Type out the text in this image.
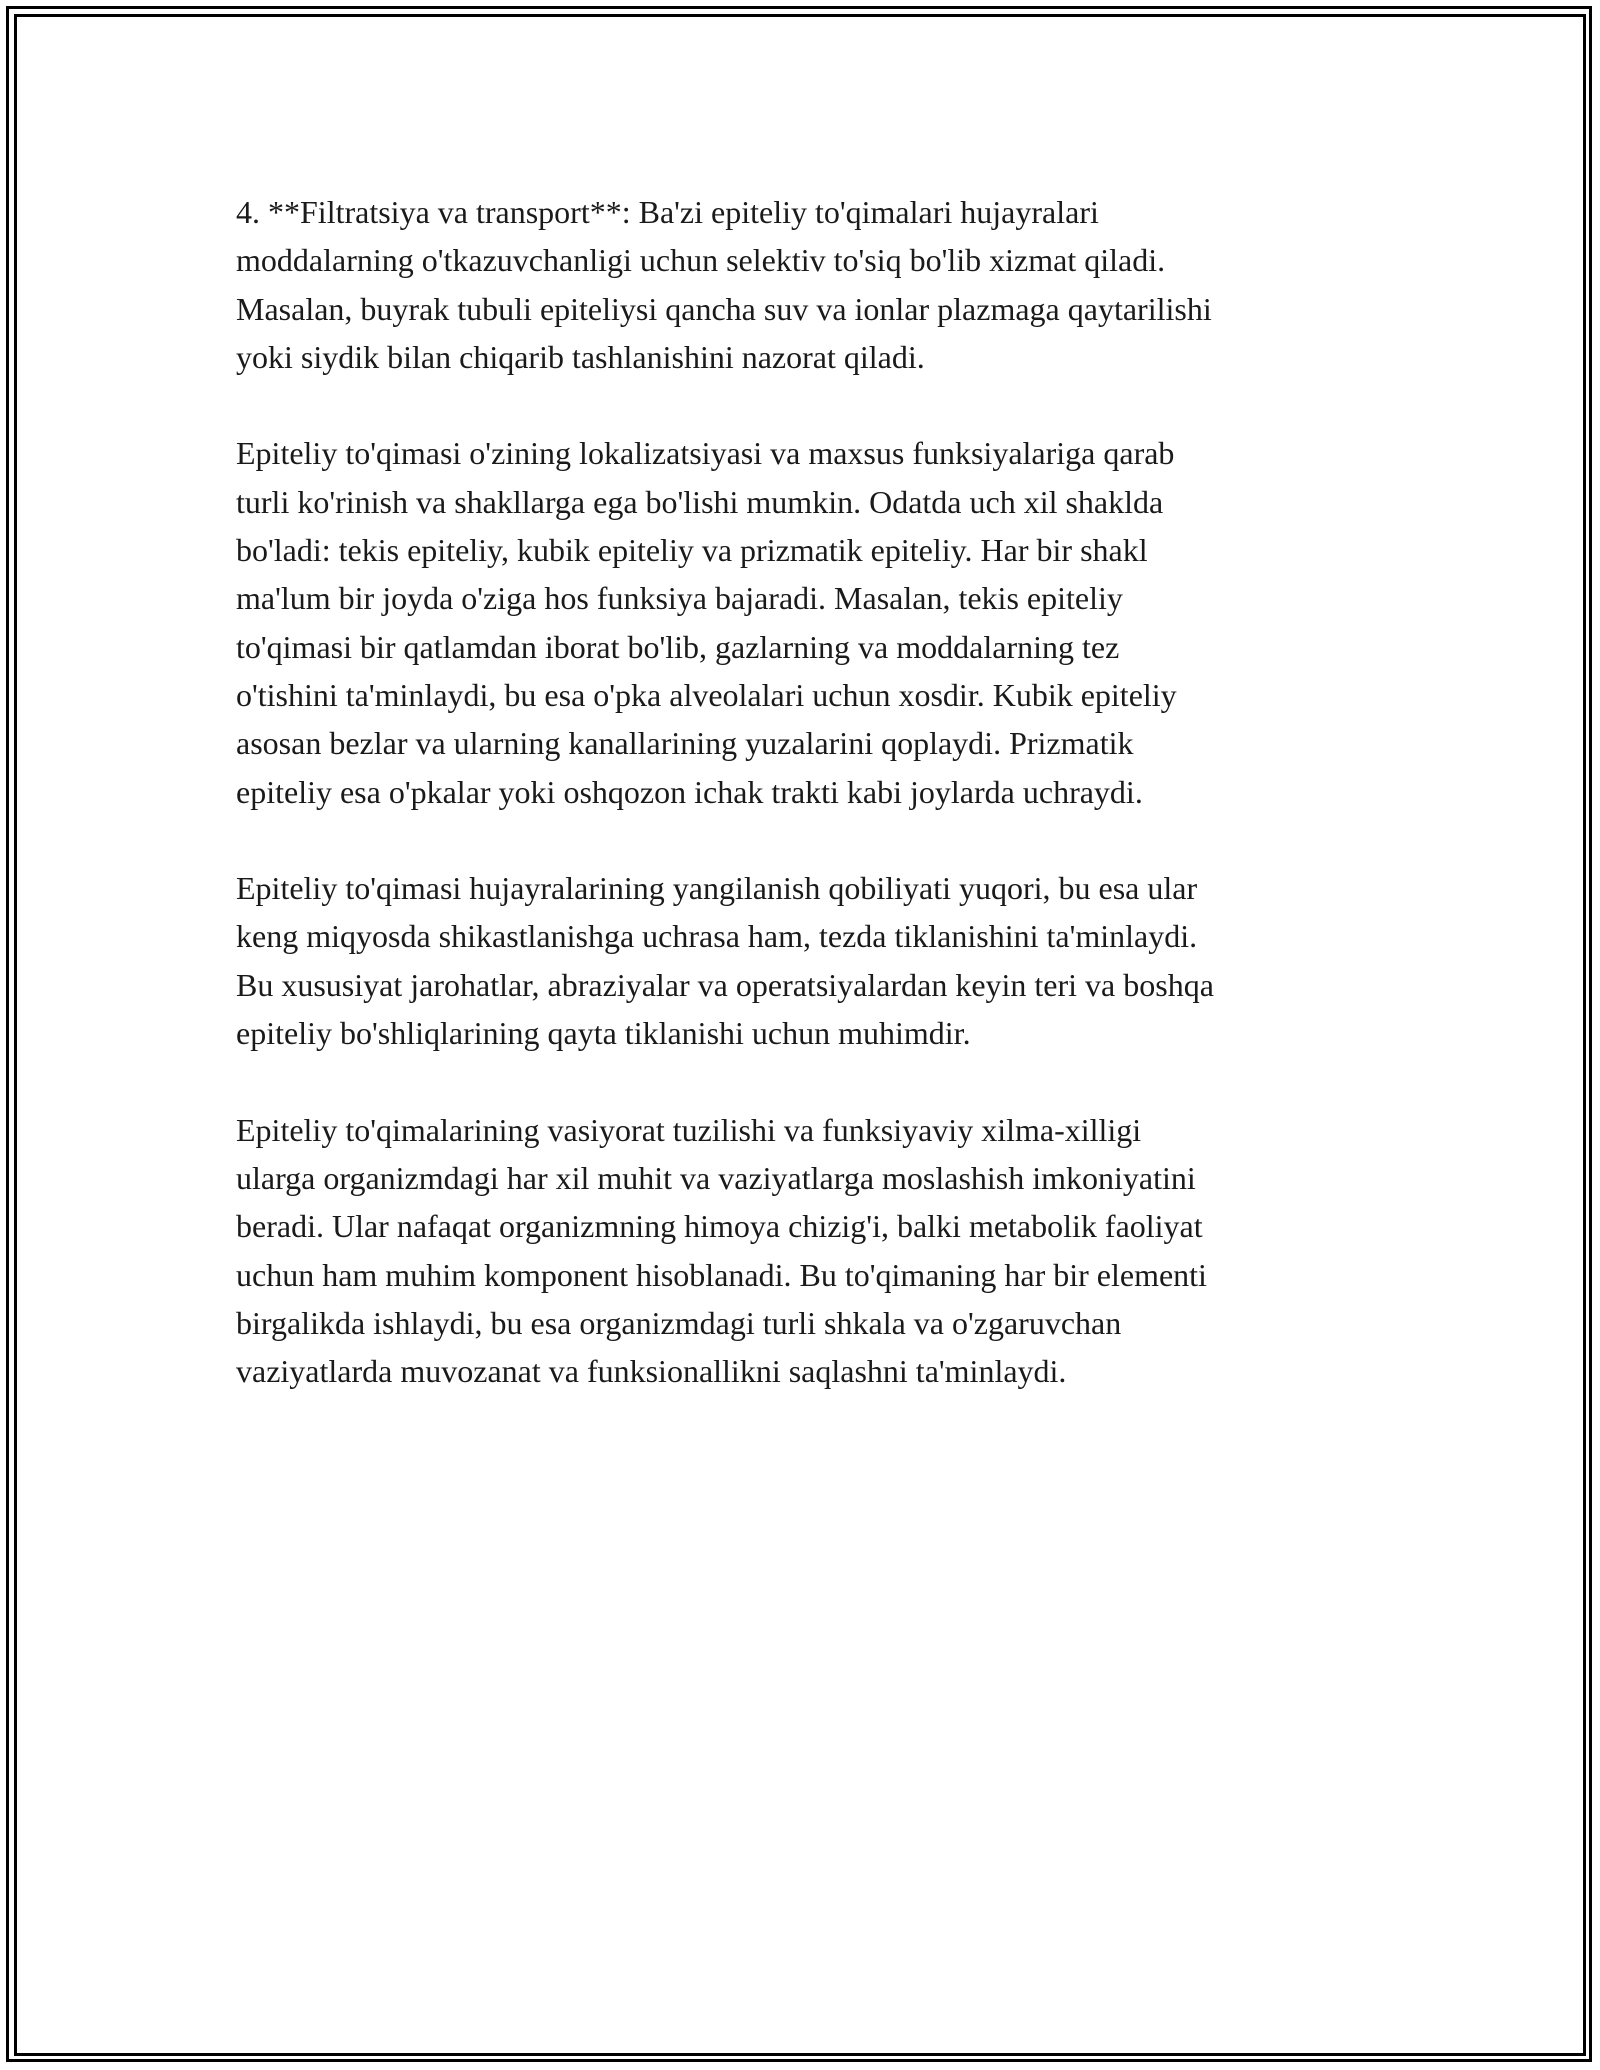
4. **Filtratsiya va transport**: Ba'zi epiteliy to'qimalari hujayralari
moddalarning o'tkazuvchanligi uchun selektiv to'siq bo'lib xizmat qiladi.
Masalan, buyrak tubuli epiteliysi qancha suv va ionlar plazmaga qaytarilishi
yoki siydik bilan chiqarib tashlanishini nazorat qiladi.

Epiteliy to'qimasi o'zining lokalizatsiyasi va maxsus funksiyalariga qarab
turli ko'rinish va shakllarga ega bo'lishi mumkin. Odatda uch xil shaklda
bo'ladi: tekis epiteliy, kubik epiteliy va prizmatik epiteliy. Har bir shakl
ma'lum bir joyda o'ziga hos funksiya bajaradi. Masalan, tekis epiteliy
to'qimasi bir qatlamdan iborat bo'lib, gazlarning va moddalarning tez
o'tishini ta'minlaydi, bu esa o'pka alveolalari uchun xosdir. Kubik epiteliy
asosan bezlar va ularning kanallarining yuzalarini qoplaydi. Prizmatik
epiteliy esa o'pkalar yoki oshqozon ichak trakti kabi joylarda uchraydi.

Epiteliy to'qimasi hujayralarining yangilanish qobiliyati yuqori, bu esa ular
keng miqyosda shikastlanishga uchrasa ham, tezda tiklanishini ta'minlaydi.
Bu xususiyat jarohatlar, abraziyalar va operatsiyalardan keyin teri va boshqa
epiteliy bo'shliqlarining qayta tiklanishi uchun muhimdir.

Epiteliy to'qimalarining vasiyorat tuzilishi va funksiyaviy xilma-xilligi
ularga organizmdagi har xil muhit va vaziyatlarga moslashish imkoniyatini
beradi. Ular nafaqat organizmning himoya chizig'i, balki metabolik faoliyat
uchun ham muhim komponent hisoblanadi. Bu to'qimaning har bir elementi
birgalikda ishlaydi, bu esa organizmdagi turli shkala va o'zgaruvchan
vaziyatlarda muvozanat va funksionallikni saqlashni ta'minlaydi.
